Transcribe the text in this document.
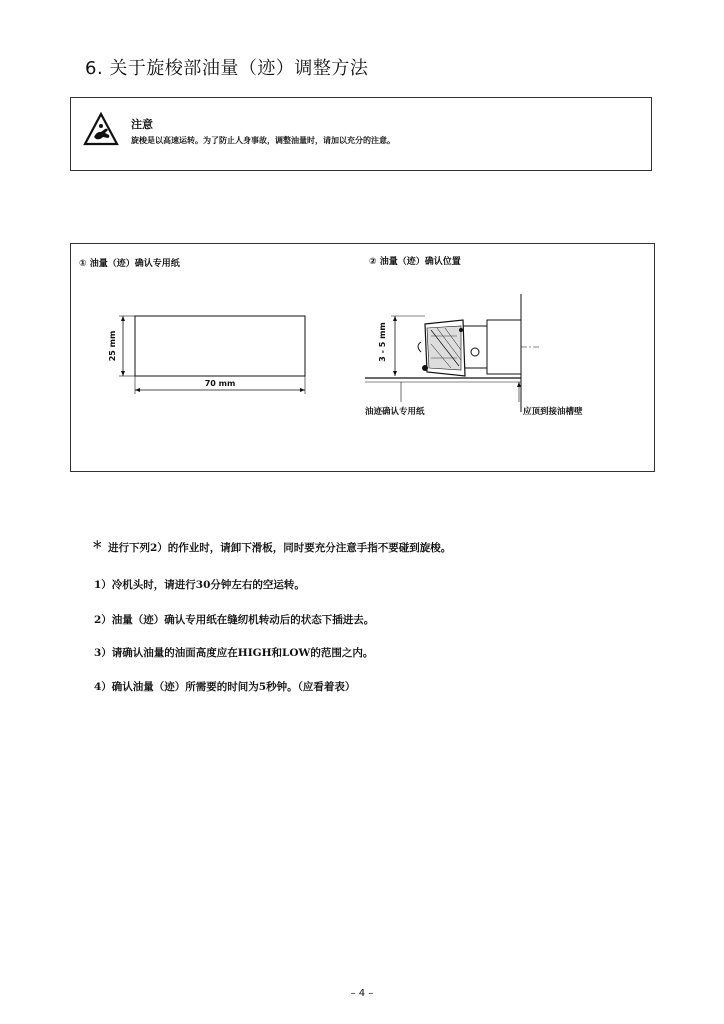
6. 关于旋梭部油量（迹）调整方法
注意
旋梭是以高速运转。为了防止人身事故，调整油量时，请加以充分的注意。
① 油量（迹）确认专用纸	② 油量（迹）确认位置
25 mm
70 mm
3 - 5 mm
油迹确认专用纸	应顶到接油槽壁
＊ 进行下列2）的作业时，请卸下滑板，同时要充分注意手指不要碰到旋梭。
1）冷机头时，请进行30分钟左右的空运转。
2）油量（迹）确认专用纸在缝纫机转动后的状态下插进去。
3）请确认油量的油面高度应在HIGH和LOW的范围之内。
4）确认油量（迹）所需要的时间为5秒钟。（应看着表）
– 4 –
